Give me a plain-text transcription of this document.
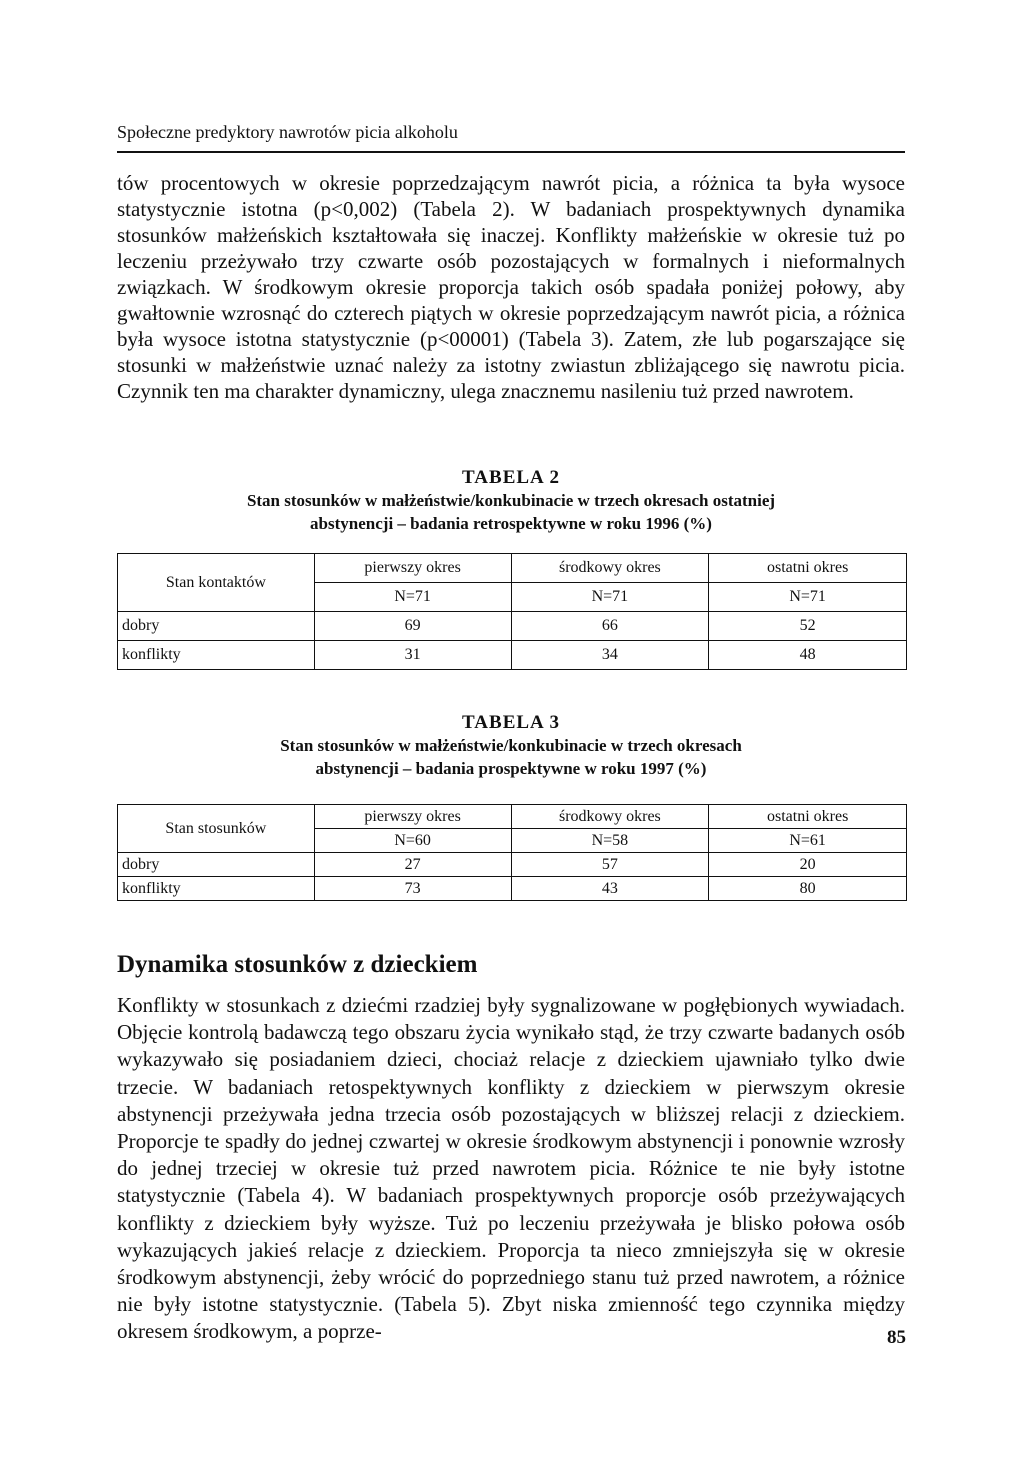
Społeczne predyktory nawrotów picia alkoholu

tów procentowych w okresie poprzedzającym nawrót picia, a różnica ta była wysoce statystycznie istotna (p<0,002) (Tabela 2). W badaniach prospektywnych dynamika stosunków małżeńskich kształtowała się inaczej. Konflikty małżeńskie w okresie tuż po leczeniu przeżywało trzy czwarte osób pozostających w formalnych i nieformalnych związkach. W środkowym okresie proporcja takich osób spadała poniżej połowy, aby gwałtownie wzrosnąć do czterech piątych w okresie poprzedzającym nawrót picia, a różnica była wysoce istotna statystycznie (p<00001) (Tabela 3). Zatem, złe lub pogarszające się stosunki w małżeństwie uznać należy za istotny zwiastun zbliżającego się nawrotu picia. Czynnik ten ma charakter dynamiczny, ulega znacznemu nasileniu tuż przed nawrotem.

TABELA 2
Stan stosunków w małżeństwie/konkubinacie w trzech okresach ostatniej
abstynencji – badania retrospektywne w roku 1996 (%)
Stan kontaktów	pierwszy okres	środkowy okres	ostatni okres
	N=71	N=71	N=71
dobry	69	66	52
konflikty	31	34	48
TABELA 3
Stan stosunków w małżeństwie/konkubinacie w trzech okresach
abstynencji – badania prospektywne w roku 1997 (%)
Stan stosunków	pierwszy okres	środkowy okres	ostatni okres
	N=60	N=58	N=61
dobry	27	57	20
konflikty	73	43	80
Dynamika stosunków z dzieckiem

Konflikty w stosunkach z dziećmi rzadziej były sygnalizowane w pogłębionych wywiadach. Objęcie kontrolą badawczą tego obszaru życia wynikało stąd, że trzy czwarte badanych osób wykazywało się posiadaniem dzieci, chociaż relacje z dzieckiem ujawniało tylko dwie trzecie. W badaniach retospektywnych konflikty z dzieckiem w pierwszym okresie abstynencji przeżywała jedna trzecia osób pozostających w bliższej relacji z dzieckiem. Proporcje te spadły do jednej czwartej w okresie środkowym abstynencji i ponownie wzrosły do jednej trzeciej w okresie tuż przed nawrotem picia. Różnice te nie były istotne statystycznie (Tabela 4). W badaniach prospektywnych proporcje osób przeżywających konflikty z dzieckiem były wyższe. Tuż po leczeniu przeżywała je blisko połowa osób wykazujących jakieś relacje z dzieckiem. Proporcja ta nieco zmniejszyła się w okresie środkowym abstynencji, żeby wrócić do poprzedniego stanu tuż przed nawrotem, a różnice nie były istotne statystycznie. (Tabela 5). Zbyt niska zmienność tego czynnika między okresem środkowym, a poprze-	85
